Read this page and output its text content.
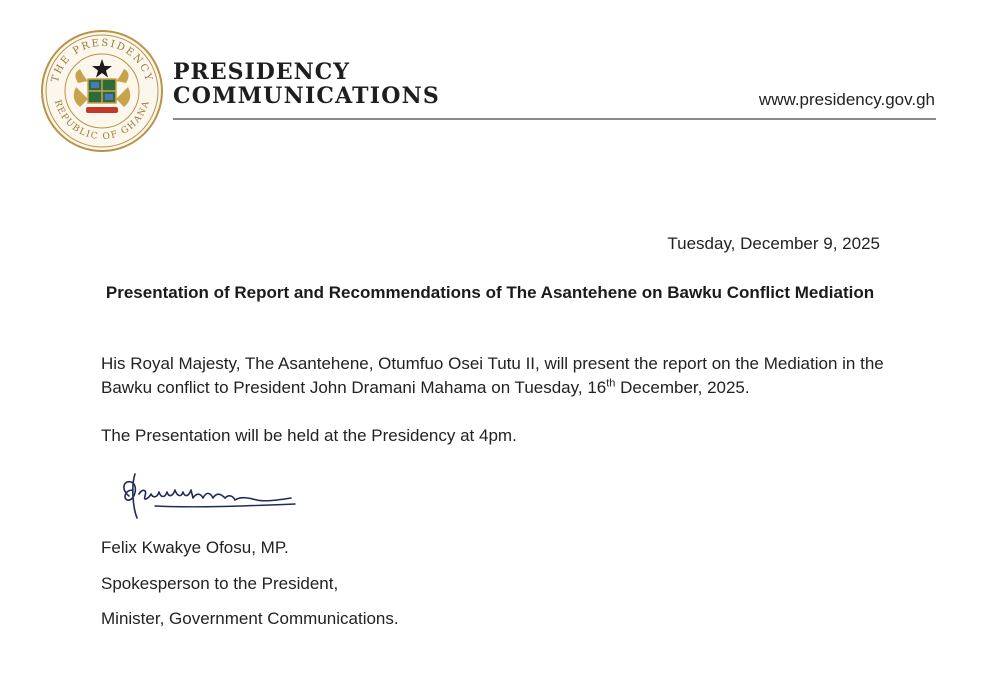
THE PRESIDENCY
REPUBLIC OF GHANA
PRESIDENCY
COMMUNICATIONS	www.presidency.gov.gh
Tuesday, December 9, 2025
Presentation of Report and Recommendations of The Asantehene on Bawku Conflict Mediation
His Royal Majesty, The Asantehene, Otumfuo Osei Tutu II, will present the report on the Mediation in the Bawku conflict to President John Dramani Mahama on Tuesday, 16th December, 2025.
The Presentation will be held at the Presidency at 4pm.
Felix Kwakye Ofosu, MP.
Spokesperson to the President,
Minister, Government Communications.
